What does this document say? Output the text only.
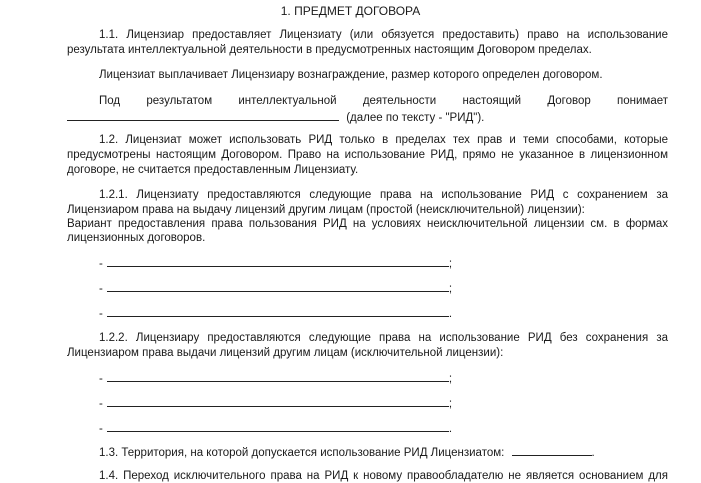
1. ПРЕДМЕТ ДОГОВОРА
1.1. Лицензиар предоставляет Лицензиату (или обязуется предоставить) право на использование
результата интеллектуальной деятельности в предусмотренных настоящим Договором пределах.
Лицензиат выплачивает Лицензиару вознаграждение, размер которого определен договором.
Под результатом интеллектуальной деятельности настоящий Договор понимает
(далее по тексту - "РИД").
1.2. Лицензиат может использовать РИД только в пределах тех прав и теми способами, которые
предусмотрены настоящим Договором. Право на использование РИД, прямо не указанное в лицензионном
договоре, не считается предоставленным Лицензиату.
1.2.1. Лицензиату предоставляются следующие права на использование РИД с сохранением за
Лицензиаром права на выдачу лицензий другим лицам (простой (неисключительной) лицензии):
Вариант предоставления права пользования РИД на условиях неисключительной лицензии см. в формах
лицензионных договоров.
-	;
-	;
-	.
1.2.2. Лицензиару предоставляются следующие права на использование РИД без сохранения за
Лицензиаром права выдачи лицензий другим лицам (исключительной лицензии):
-	;
-	;
-	.
1.3. Территория, на которой допускается использование РИД Лицензиатом:	.
1.4. Переход исключительного права на РИД к новому правообладателю не является основанием для
